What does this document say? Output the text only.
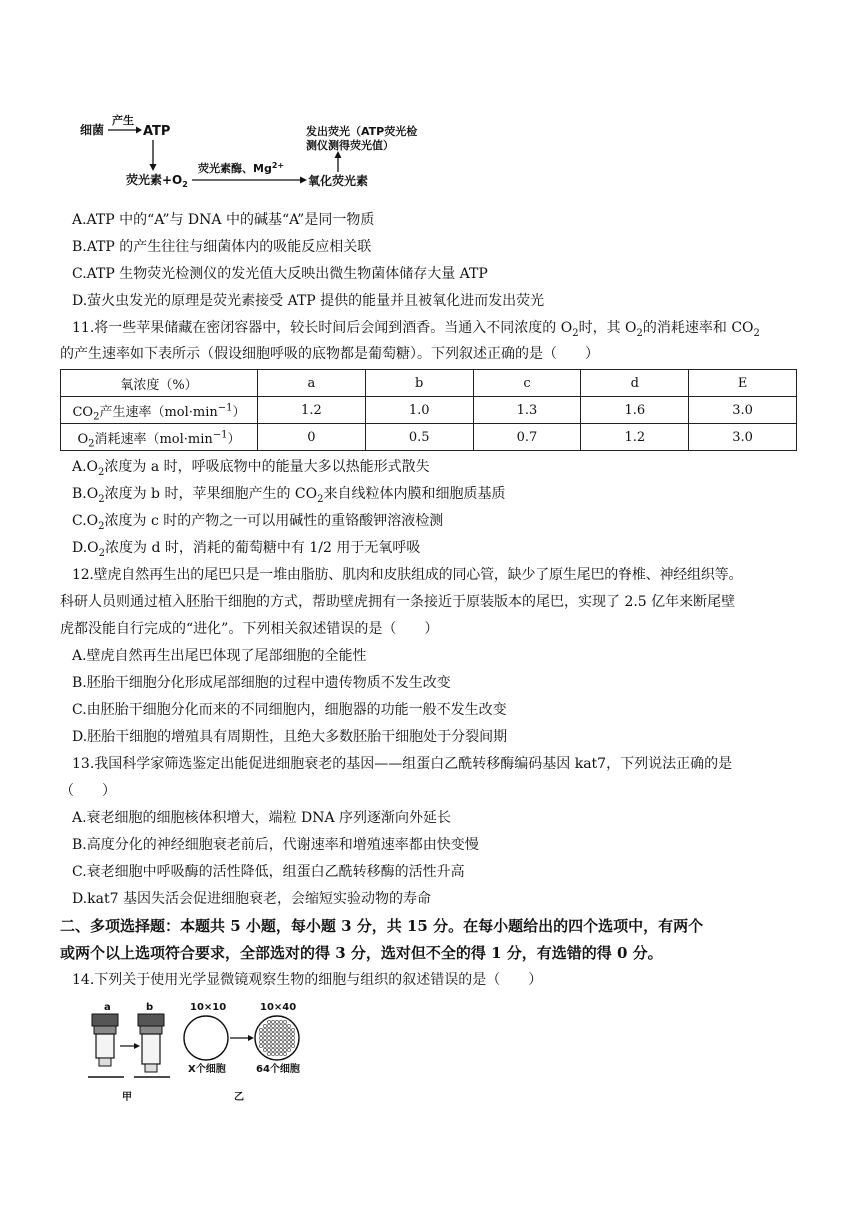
细菌
产生
ATP
荧光素$+O_2$
荧光素酶、$Mg^{2+}$
氧化荧光素
发出荧光（ATP荧光检
测仪测得荧光值）
A.ATP 中的“A”与 DNA 中的碱基“A”是同一物质
B.ATP 的产生往往与细菌体内的吸能反应相关联
C.ATP 生物荧光检测仪的发光值大反映出微生物菌体储存大量 ATP
D.萤火虫发光的原理是荧光素接受 ATP 提供的能量并且被氧化进而发出荧光
11.将一些苹果储藏在密闭容器中，较长时间后会闻到酒香。当通入不同浓度的 $O_2$时，其 $O_2$的消耗速率和 $CO_2$
的产生速率如下表所示（假设细胞呼吸的底物都是葡萄糖）。下列叙述正确的是（　　）
氧浓度（%）	a	b	c	d	E
$CO_2$产生速率$(mol\cdot\min^{-1})$	1.2	1.0	1.3	1.6	3.0
$O_2$消耗速率$(mol\cdot\min^{-1})$	0	0.5	0.7	1.2	3.0
$A.O_2$浓度为 a 时，呼吸底物中的能量大多以热能形式散失
$B.O_2$浓度为 b 时，苹果细胞产生的 $CO_2$来自线粒体内膜和细胞质基质
$C.O_2$浓度为 c 时的产物之一可以用碱性的重铬酸钾溶液检测
$D.O_2$浓度为 d 时，消耗的葡萄糖中有 1/2 用于无氧呼吸
12.壁虎自然再生出的尾巴只是一堆由脂肪、肌肉和皮肤组成的同心管，缺少了原生尾巴的脊椎、神经组织等。
科研人员则通过植入胚胎干细胞的方式，帮助壁虎拥有一条接近于原装版本的尾巴，实现了 2.5 亿年来断尾壁
虎都没能自行完成的“进化”。下列相关叙述错误的是（　　）
A.壁虎自然再生出尾巴体现了尾部细胞的全能性
B.胚胎干细胞分化形成尾部细胞的过程中遗传物质不发生改变
C.由胚胎干细胞分化而来的不同细胞内，细胞器的功能一般不发生改变
D.胚胎干细胞的增殖具有周期性，且绝大多数胚胎干细胞处于分裂间期
13.我国科学家筛选鉴定出能促进细胞衰老的基因——组蛋白乙酰转移酶编码基因 kat7，下列说法正确的是
（　　）
A.衰老细胞的细胞核体积增大，端粒 DNA 序列逐渐向外延长
B.高度分化的神经细胞衰老前后，代谢速率和增殖速率都由快变慢
C.衰老细胞中呼吸酶的活性降低，组蛋白乙酰转移酶的活性升高
D.kat7 基因失活会促进细胞衰老，会缩短实验动物的寿命
二、多项选择题：本题共 5 小题，每小题 3 分，共 15 分。在每小题给出的四个选项中，有两个
或两个以上选项符合要求，全部选对的得 3 分，选对但不全的得 1 分，有选错的得 0 分。
14.下列关于使用光学显微镜观察生物的细胞与组织的叙述错误的是（　　）
a	b
甲
10×10
X个细胞
10×40
64个细胞
乙
